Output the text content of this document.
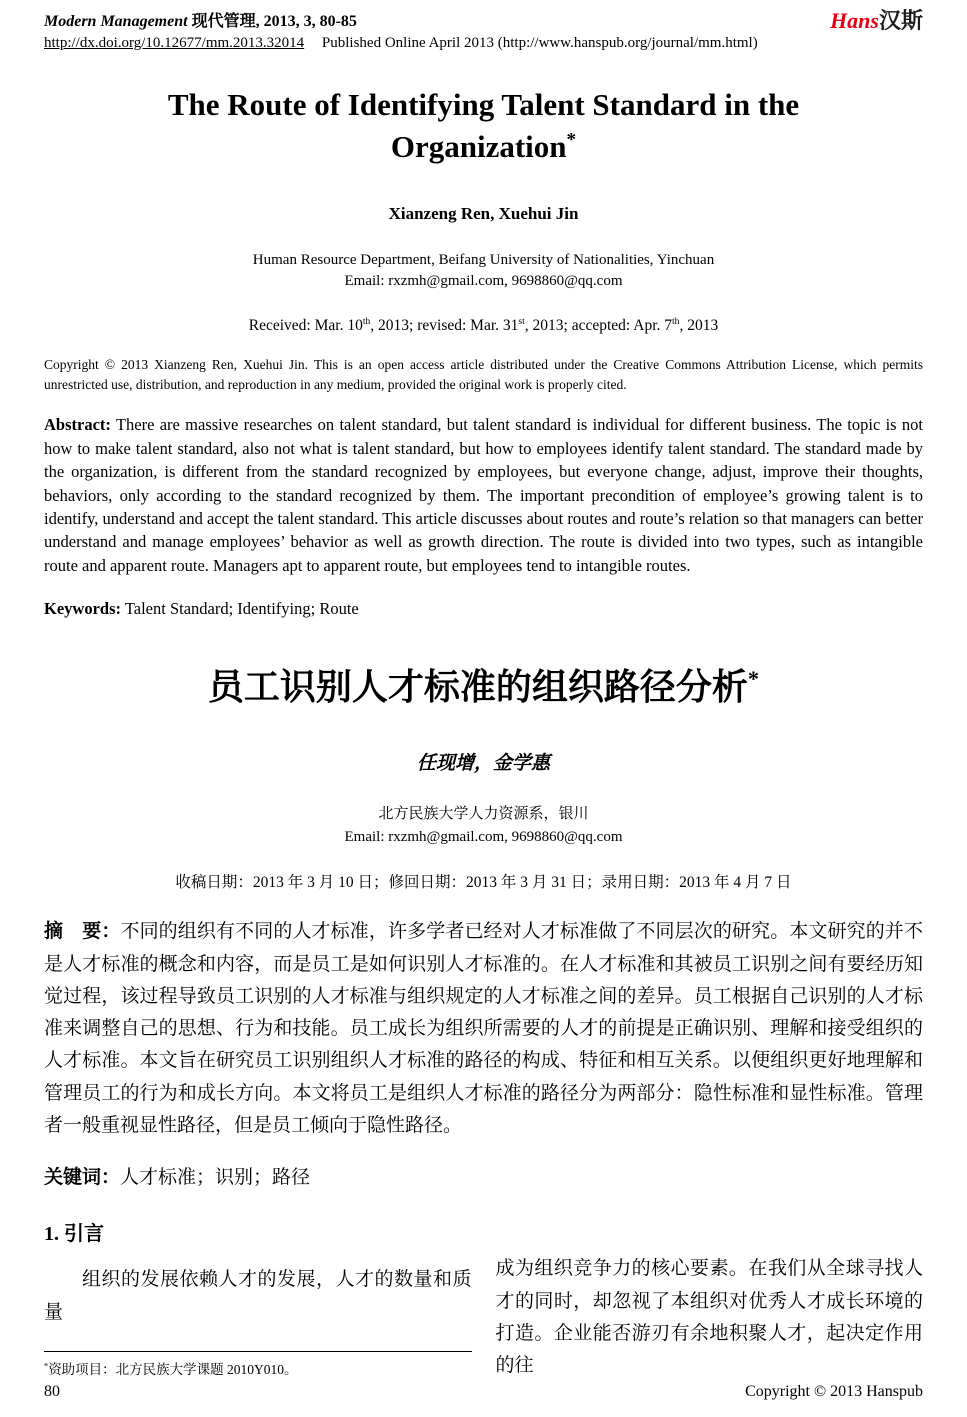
Modern Management 现代管理, 2013, 3, 80-85
http://dx.doi.org/10.12677/mm.2013.32014 Published Online April 2013 (http://www.hanspub.org/journal/mm.html)
Hans汉斯
The Route of Identifying Talent Standard in the
Organization*

Xianzeng Ren, Xuehui Jin

Human Resource Department, Beifang University of Nationalities, Yinchuan
Email: rxzmh@gmail.com, 9698860@qq.com

Received: Mar. 10th, 2013; revised: Mar. 31st, 2013; accepted: Apr. 7th, 2013

Copyright © 2013 Xianzeng Ren, Xuehui Jin. This is an open access article distributed under the Creative Commons Attribution License, which permits unrestricted use, distribution, and reproduction in any medium, provided the original work is properly cited.

Abstract: There are massive researches on talent standard, but talent standard is individual for different business. The topic is not how to make talent standard, also not what is talent standard, but how to employees identify talent standard. The standard made by the organization, is different from the standard recognized by employees, but everyone change, adjust, improve their thoughts, behaviors, only according to the standard recognized by them. The important precondition of employee’s growing talent is to identify, understand and accept the talent standard. This article discusses about routes and route’s relation so that managers can better understand and manage employees’ behavior as well as growth direction. The route is divided into two types, such as intangible route and apparent route. Managers apt to apparent route, but employees tend to intangible routes.

Keywords: Talent Standard; Identifying; Route

员工识别人才标准的组织路径分析*

任现增，金学惠

北方民族大学人力资源系，银川
Email: rxzmh@gmail.com, 9698860@qq.com

收稿日期：2013 年 3 月 10 日；修回日期：2013 年 3 月 31 日；录用日期：2013 年 4 月 7 日

摘　要：不同的组织有不同的人才标准，许多学者已经对人才标准做了不同层次的研究。本文研究的并不是人才标准的概念和内容，而是员工是如何识别人才标准的。在人才标准和其被员工识别之间有要经历知觉过程，该过程导致员工识别的人才标准与组织规定的人才标准之间的差异。员工根据自己识别的人才标准来调整自己的思想、行为和技能。员工成长为组织所需要的人才的前提是正确识别、理解和接受组织的人才标准。本文旨在研究员工识别组织人才标准的路径的构成、特征和相互关系。以便组织更好地理解和管理员工的行为和成长方向。本文将员工是组织人才标准的路径分为两部分：隐性标准和显性标准。管理者一般重视显性路径，但是员工倾向于隐性路径。

关键词：人才标准；识别；路径

1. 引言

组织的发展依赖人才的发展，人才的数量和质量

*资助项目：北方民族大学课题 2010Y010。

成为组织竞争力的核心要素。在我们从全球寻找人才的同时，却忽视了本组织对优秀人才成长环境的打造。企业能否游刃有余地积聚人才，起决定作用的往

80	Copyright © 2013 Hanspub
